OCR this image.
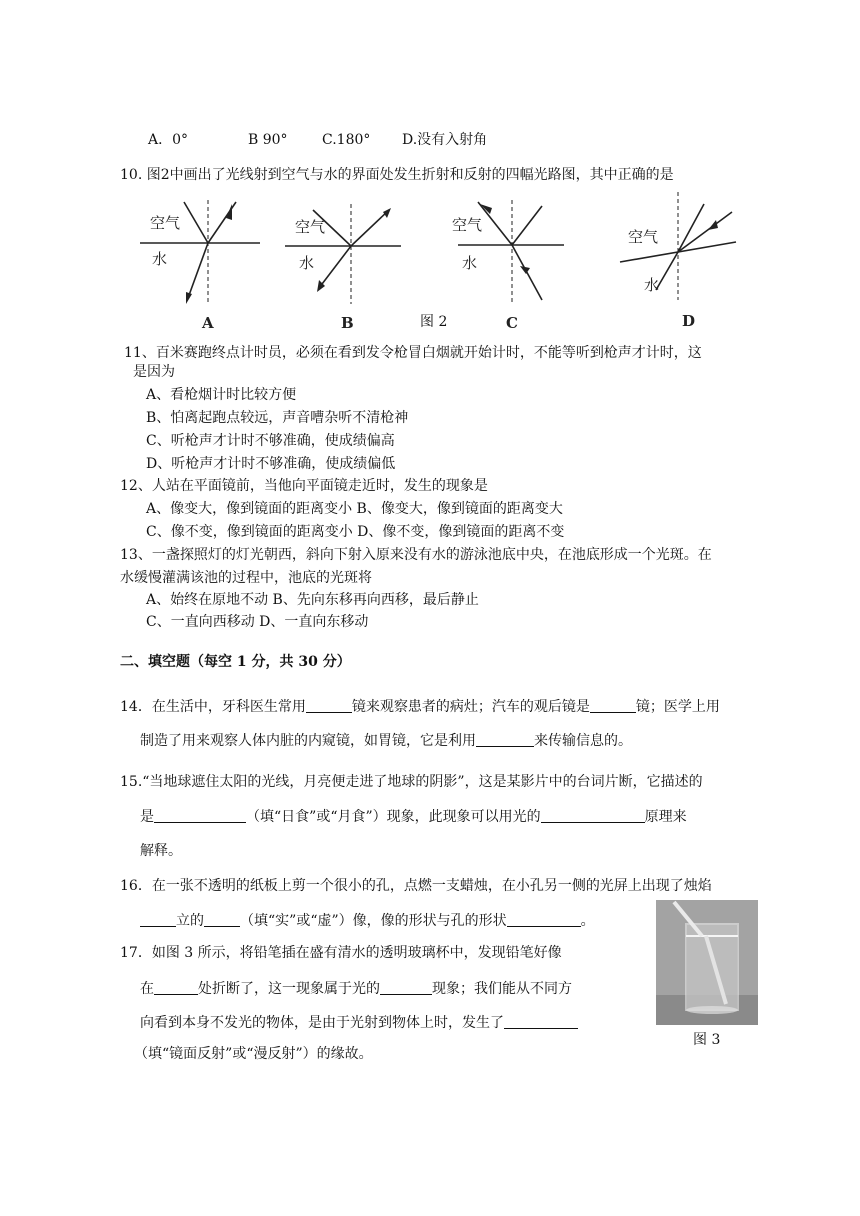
A．0°	B 90° C.180° D.没有入射角
10. 图2中画出了光线射到空气与水的界面处发生折射和反射的四幅光路图，其中正确的是
空气
水
A
空气
水
B	图 2
空气
水
C
空气
水
D
11、百米赛跑终点计时员，必须在看到发令枪冒白烟就开始计时，不能等听到枪声才计时，这
是因为
A、看枪烟计时比较方便
B、怕离起跑点较远，声音嘈杂听不清枪神
C、听枪声才计时不够准确，使成绩偏高
D、听枪声才计时不够准确，使成绩偏低
12、人站在平面镜前，当他向平面镜走近时，发生的现象是
A、像变大，像到镜面的距离变小 B、像变大，像到镜面的距离变大
C、像不变，像到镜面的距离变小 D、像不变，像到镜面的距离不变
13、一盏探照灯的灯光朝西，斜向下射入原来没有水的游泳池底中央，在池底形成一个光斑。在
水缓慢灌满该池的过程中，池底的光斑将
A、始终在原地不动 B、先向东移再向西移，最后静止
C、一直向西移动 D、一直向东移动
二、填空题（每空 1 分，共 30 分）
14．在生活中，牙科医生常用	镜来观察患者的病灶；汽车的观后镜是	镜；医学上用
制造了用来观察人体内脏的内窥镜，如胃镜，它是利用	来传输信息的。
15.“当地球遮住太阳的光线，月亮便走进了地球的阴影”，这是某影片中的台词片断，它描述的
是	（填“日食”或“月食”）现象，此现象可以用光的	原理来
解释。
16．在一张不透明的纸板上剪一个很小的孔，点燃一支蜡烛，在小孔另一侧的光屏上出现了烛焰
立的	（填“实”或“虚”）像，像的形状与孔的形状	。
17．如图 3 所示，将铅笔插在盛有清水的透明玻璃杯中，发现铅笔好像
在	处折断了，这一现象属于光的	现象；我们能从不同方
向看到本身不发光的物体，是由于光射到物体上时，发生了
图 3
（填“镜面反射”或“漫反射”）的缘故。
